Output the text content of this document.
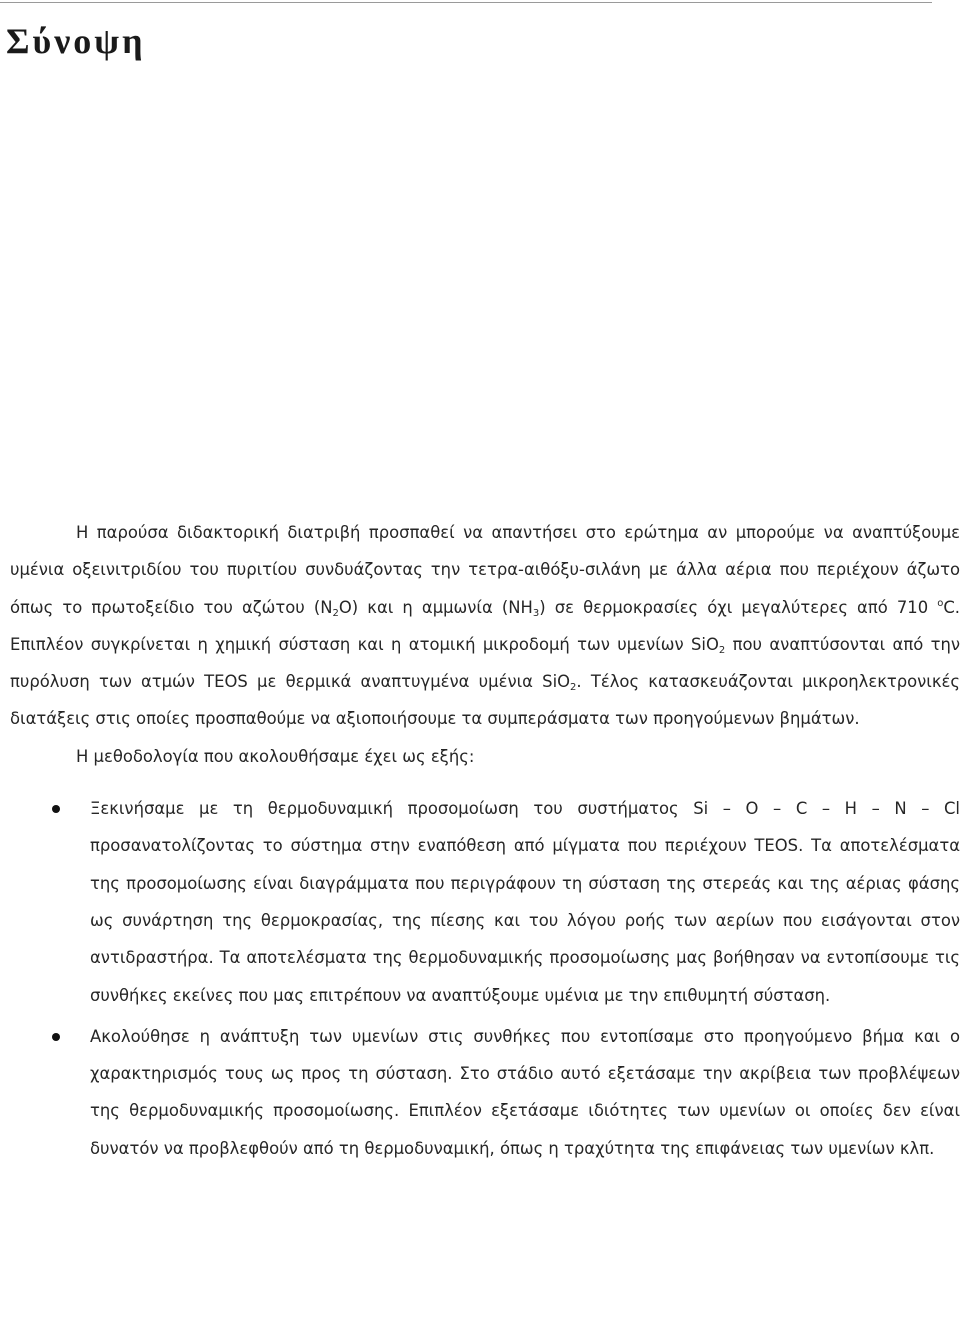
Σύνοψη

Η παρούσα διδακτορική διατριβή προσπαθεί να απαντήσει στο ερώτημα αν μπορούμε να αναπτύξουμε υμένια οξεινιτριδίου του πυριτίου συνδυάζοντας την τετρα-αιθόξυ-σιλάνη με άλλα αέρια που περιέχουν άζωτο όπως το πρωτοξείδιο του αζώτου $(N_2O)$ και η αμμωνία $(NH_3)$ σε θερμοκρασίες όχι μεγαλύτερες από 710 $^o$C. Επιπλέον συγκρίνεται η χημική σύσταση και η ατομική μικροδομή των υμενίων SiO$_2$ που αναπτύσονται από την πυρόλυση των ατμών TEOS με θερμικά αναπτυγμένα υμένια SiO$_2$. Τέλος κατασκευάζονται μικροηλεκτρονικές διατάξεις στις οποίες προσπαθούμε να αξιοποιήσουμε τα συμπεράσματα των προηγούμενων βημάτων.

Η μεθοδολογία που ακολουθήσαμε έχει ως εξής:

Ξεκινήσαμε με τη θερμοδυναμική προσομοίωση του συστήματος Si – O – C – H – N – Cl προσανατολίζοντας το σύστημα στην εναπόθεση από μίγματα που περιέχουν TEOS. Τα αποτελέσματα της προσομοίωσης είναι διαγράμματα που περιγράφουν τη σύσταση της στερεάς και της αέριας φάσης ως συνάρτηση της θερμοκρασίας, της πίεσης και του λόγου ροής των αερίων που εισάγονται στον αντιδραστήρα. Τα αποτελέσματα της θερμοδυναμικής προσομοίωσης μας βοήθησαν να εντοπίσουμε τις συνθήκες εκείνες που μας επιτρέπουν να αναπτύξουμε υμένια με την επιθυμητή σύσταση.
Ακολούθησε η ανάπτυξη των υμενίων στις συνθήκες που εντοπίσαμε στο προηγούμενο βήμα και ο χαρακτηρισμός τους ως προς τη σύσταση. Στο στάδιο αυτό εξετάσαμε την ακρίβεια των προβλέψεων της θερμοδυναμικής προσομοίωσης. Επιπλέον εξετάσαμε ιδιότητες των υμενίων οι οποίες δεν είναι δυνατόν να προβλεφθούν από τη θερμοδυναμική, όπως η τραχύτητα της επιφάνειας των υμενίων κλπ.
